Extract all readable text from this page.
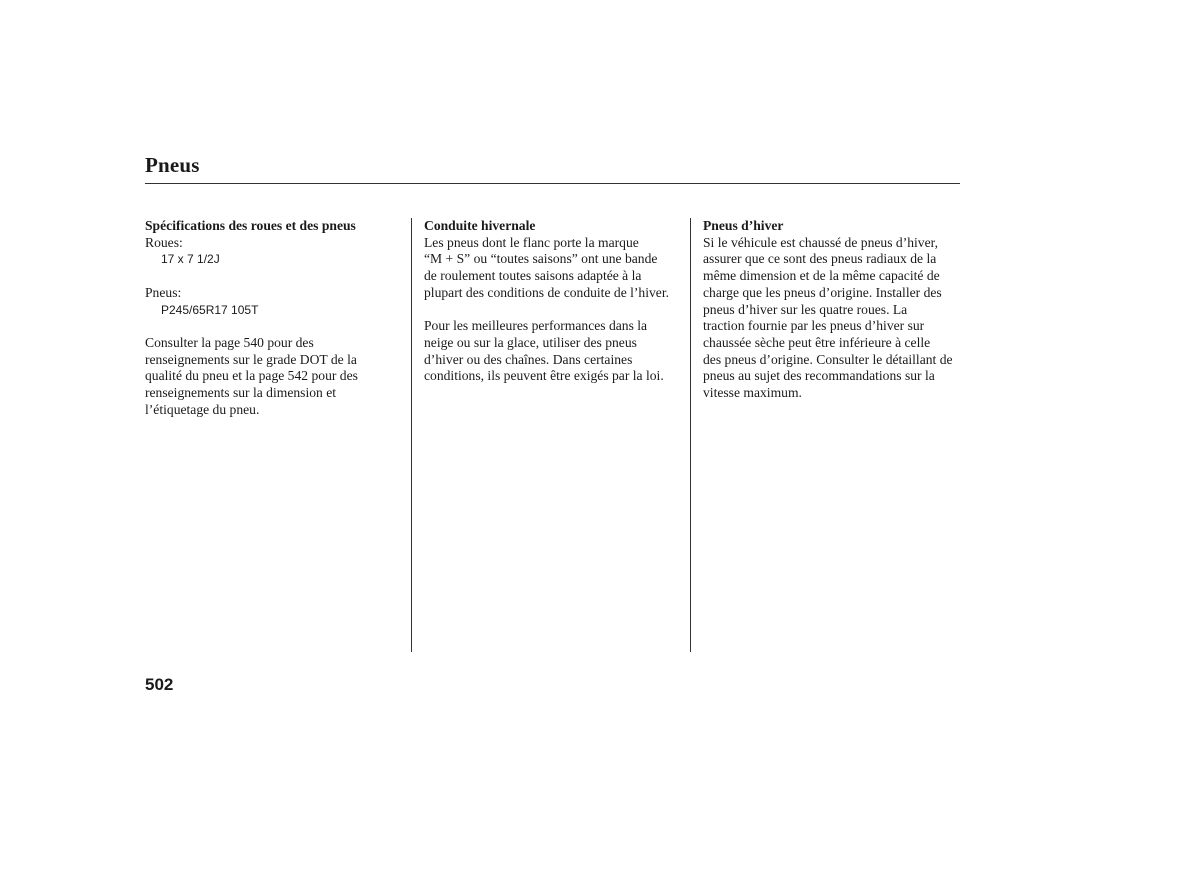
Pneus
Spécifications des roues et des pneus
Roues:
17 x 7 1/2J
Pneus:
P245/65R17 105T
Consulter la page 540 pour des
renseignements sur le grade DOT de la
qualité du pneu et la page 542 pour des
renseignements sur la dimension et
l’étiquetage du pneu.
Conduite hivernale
Les pneus dont le flanc porte la marque
“M + S” ou “toutes saisons” ont une bande
de roulement toutes saisons adaptée à la
plupart des conditions de conduite de l’hiver.
Pour les meilleures performances dans la
neige ou sur la glace, utiliser des pneus
d’hiver ou des chaînes. Dans certaines
conditions, ils peuvent être exigés par la loi.
Pneus d’hiver
Si le véhicule est chaussé de pneus d’hiver,
assurer que ce sont des pneus radiaux de la
même dimension et de la même capacité de
charge que les pneus d’origine. Installer des
pneus d’hiver sur les quatre roues. La
traction fournie par les pneus d’hiver sur
chaussée sèche peut être inférieure à celle
des pneus d’origine. Consulter le détaillant de
pneus au sujet des recommandations sur la
vitesse maximum.
502
